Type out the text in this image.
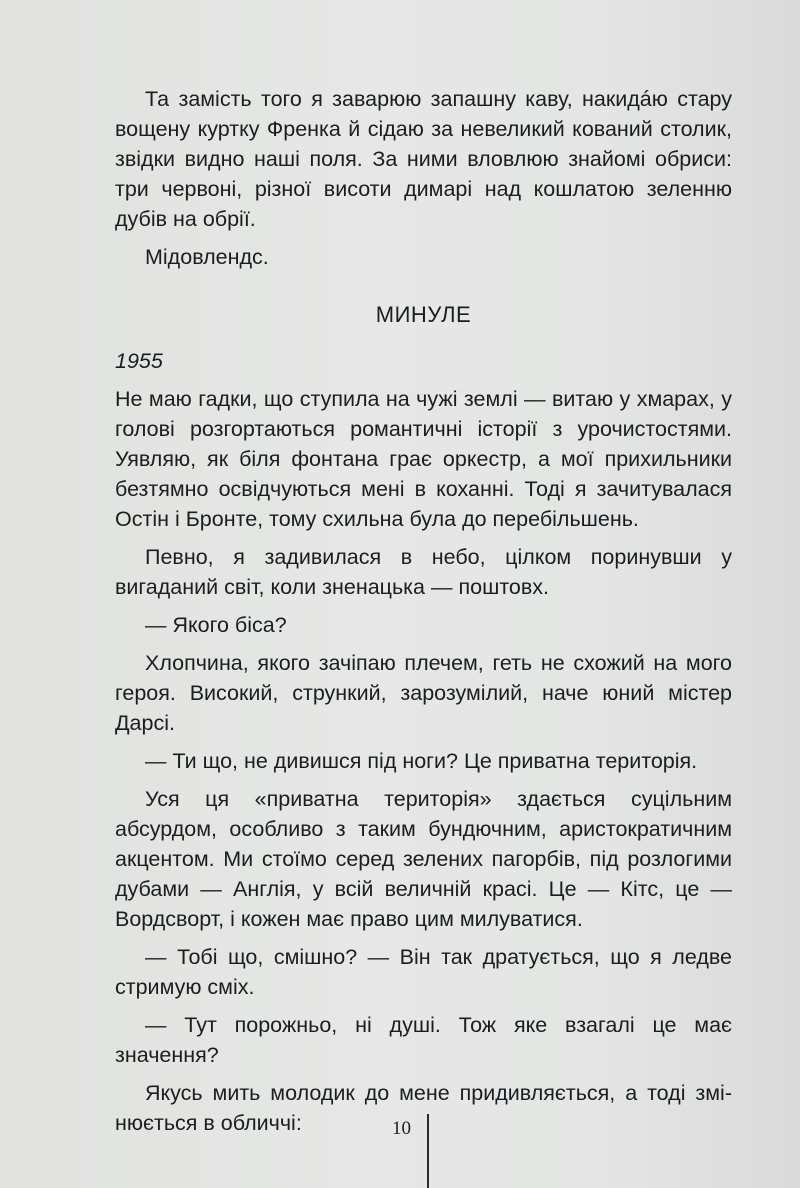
Та замість того я заварюю запашну каву, накидáю стару вощену куртку Френка й сідаю за невеликий кований столик, звідки видно наші поля. За ними вловлюю знайомі обриси: три червоні, різної висоти димарі над кошлатою зеленню дубів на обрії.

Мідовлендс.

МИНУЛЕ
1955

Не маю гадки, що ступила на чужі землі — витаю у хмарах, у голові розгортаються романтичні історії з урочистостями. Уявляю, як біля фонтана грає оркестр, а мої прихильники безтямно освідчуються мені в коханні. Тоді я зачитувалася Остін і Бронте, тому схильна була до перебільшень.

Певно, я задивилася в небо, цілком поринувши у вигаданий світ, коли зненацька — поштовх.

— Якого біса?

Хлопчина, якого зачіпаю плечем, геть не схожий на мого героя. Високий, стрункий, зарозумілий, наче юний містер Дарсі.

— Ти що, не дивишся під ноги? Це приватна територія.

Уся ця «приватна територія» здається суцільним абсурдом, особливо з таким бундючним, аристократичним акцентом. Ми стоїмо серед зелених пагорбів, під розлогими дубами — Англія, у всій величній красі. Це — Кітс, це — Вордсворт, і кожен має право цим милуватися.

— Тобі що, смішно? — Він так дратується, що я ледве стримую сміх.

— Тут порожньо, ні душі. Тож яке взагалі це має значення?

Якусь мить молодик до мене придивляється, а тоді змінюється в обличчі:	10
